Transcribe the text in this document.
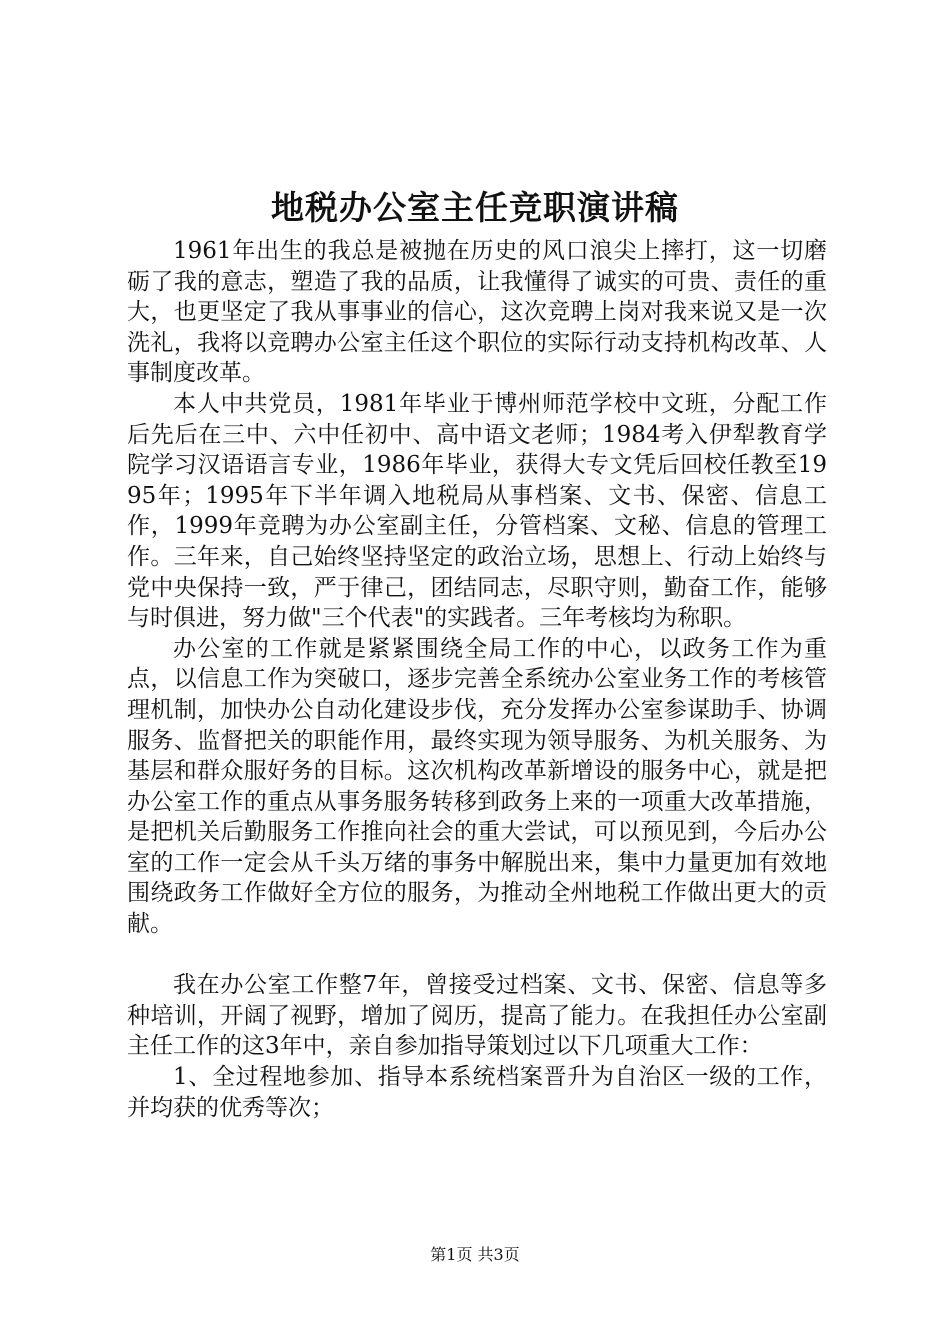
地税办公室主任竞职演讲稿

1961年出生的我总是被抛在历史的风口浪尖上摔打，这一切磨砺了我的意志，塑造了我的品质，让我懂得了诚实的可贵、责任的重大，也更坚定了我从事事业的信心，这次竞聘上岗对我来说又是一次洗礼，我将以竞聘办公室主任这个职位的实际行动支持机构改革、人事制度改革。

本人中共党员，1981年毕业于博州师范学校中文班，分配工作后先后在三中、六中任初中、高中语文老师；1984考入伊犁教育学院学习汉语语言专业，1986年毕业，获得大专文凭后回校任教至1995年；1995年下半年调入地税局从事档案、文书、保密、信息工作，1999年竞聘为办公室副主任，分管档案、文秘、信息的管理工作。三年来，自己始终坚持坚定的政治立场，思想上、行动上始终与党中央保持一致，严于律己，团结同志，尽职守则，勤奋工作，能够与时俱进，努力做"三个代表"的实践者。三年考核均为称职。

办公室的工作就是紧紧围绕全局工作的中心，以政务工作为重点，以信息工作为突破口，逐步完善全系统办公室业务工作的考核管理机制，加快办公自动化建设步伐，充分发挥办公室参谋助手、协调服务、监督把关的职能作用，最终实现为领导服务、为机关服务、为基层和群众服好务的目标。这次机构改革新增设的服务中心，就是把办公室工作的重点从事务服务转移到政务上来的一项重大改革措施，是把机关后勤服务工作推向社会的重大尝试，可以预见到，今后办公室的工作一定会从千头万绪的事务中解脱出来，集中力量更加有效地围绕政务工作做好全方位的服务，为推动全州地税工作做出更大的贡献。

我在办公室工作整7年，曾接受过档案、文书、保密、信息等多种培训，开阔了视野，增加了阅历，提高了能力。在我担任办公室副主任工作的这3年中，亲自参加指导策划过以下几项重大工作：

1、全过程地参加、指导本系统档案晋升为自治区一级的工作，并均获的优秀等次；

第1页 共3页
